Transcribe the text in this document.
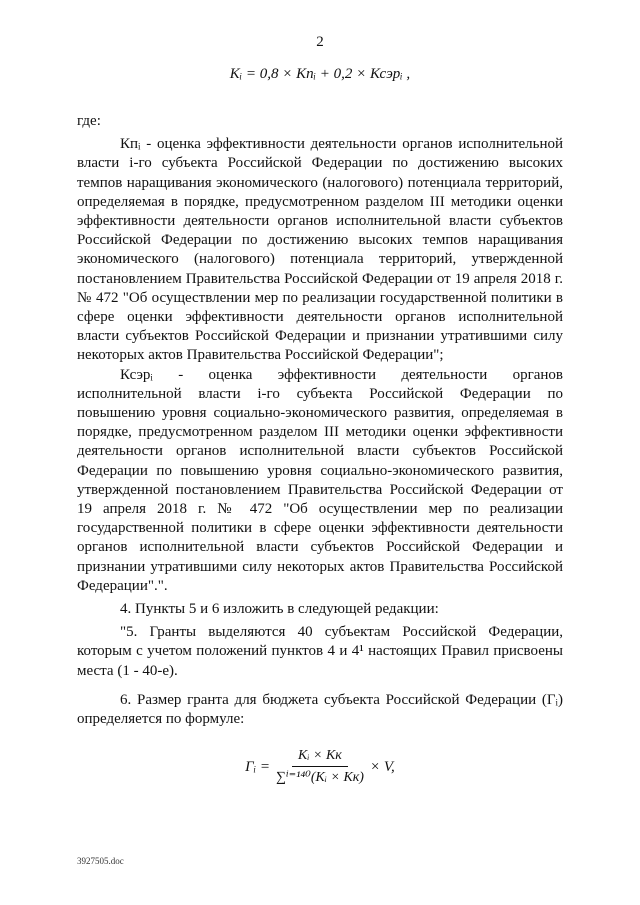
2
Кᵢ = 0,8 × Кпᵢ + 0,2 × Ксэрᵢ ,

где:

Кпᵢ - оценка эффективности деятельности органов исполнительной власти i-го субъекта Российской Федерации по достижению высоких темпов наращивания экономического (налогового) потенциала территорий, определяемая в порядке, предусмотренном разделом III методики оценки эффективности деятельности органов исполнительной власти субъектов Российской Федерации по достижению высоких темпов наращивания экономического (налогового) потенциала территорий, утвержденной постановлением Правительства Российской Федерации от 19 апреля 2018 г. № 472 "Об осуществлении мер по реализации государственной политики в сфере оценки эффективности деятельности органов исполнительной власти субъектов Российской Федерации и признании утратившими силу некоторых актов Правительства Российской Федерации";

Ксэрᵢ - оценка эффективности деятельности органов исполнительной власти i-го субъекта Российской Федерации по повышению уровня социально-экономического развития, определяемая в порядке, предусмотренном разделом III методики оценки эффективности деятельности органов исполнительной власти субъектов Российской Федерации по повышению уровня социально-экономического развития, утвержденной постановлением Правительства Российской Федерации от 19 апреля 2018 г. № 472 "Об осуществлении мер по реализации государственной политики в сфере оценки эффективности деятельности органов исполнительной власти субъектов Российской Федерации и признании утратившими силу некоторых актов Правительства Российской Федерации".".

4. Пункты 5 и 6 изложить в следующей редакции:

"5. Гранты выделяются 40 субъектам Российской Федерации, которым с учетом положений пунктов 4 и 4¹ настоящих Правил присвоены места (1 - 40-е).

6. Размер гранта для бюджета субъекта Российской Федерации (Гᵢ) определяется по формуле:

Гᵢ = $\frac{\text{Кᵢ × Кк}}{\text{∑ⁱ⁼¹⁴⁰(Кᵢ × Кк)}} \times V$,
3927505.doc
